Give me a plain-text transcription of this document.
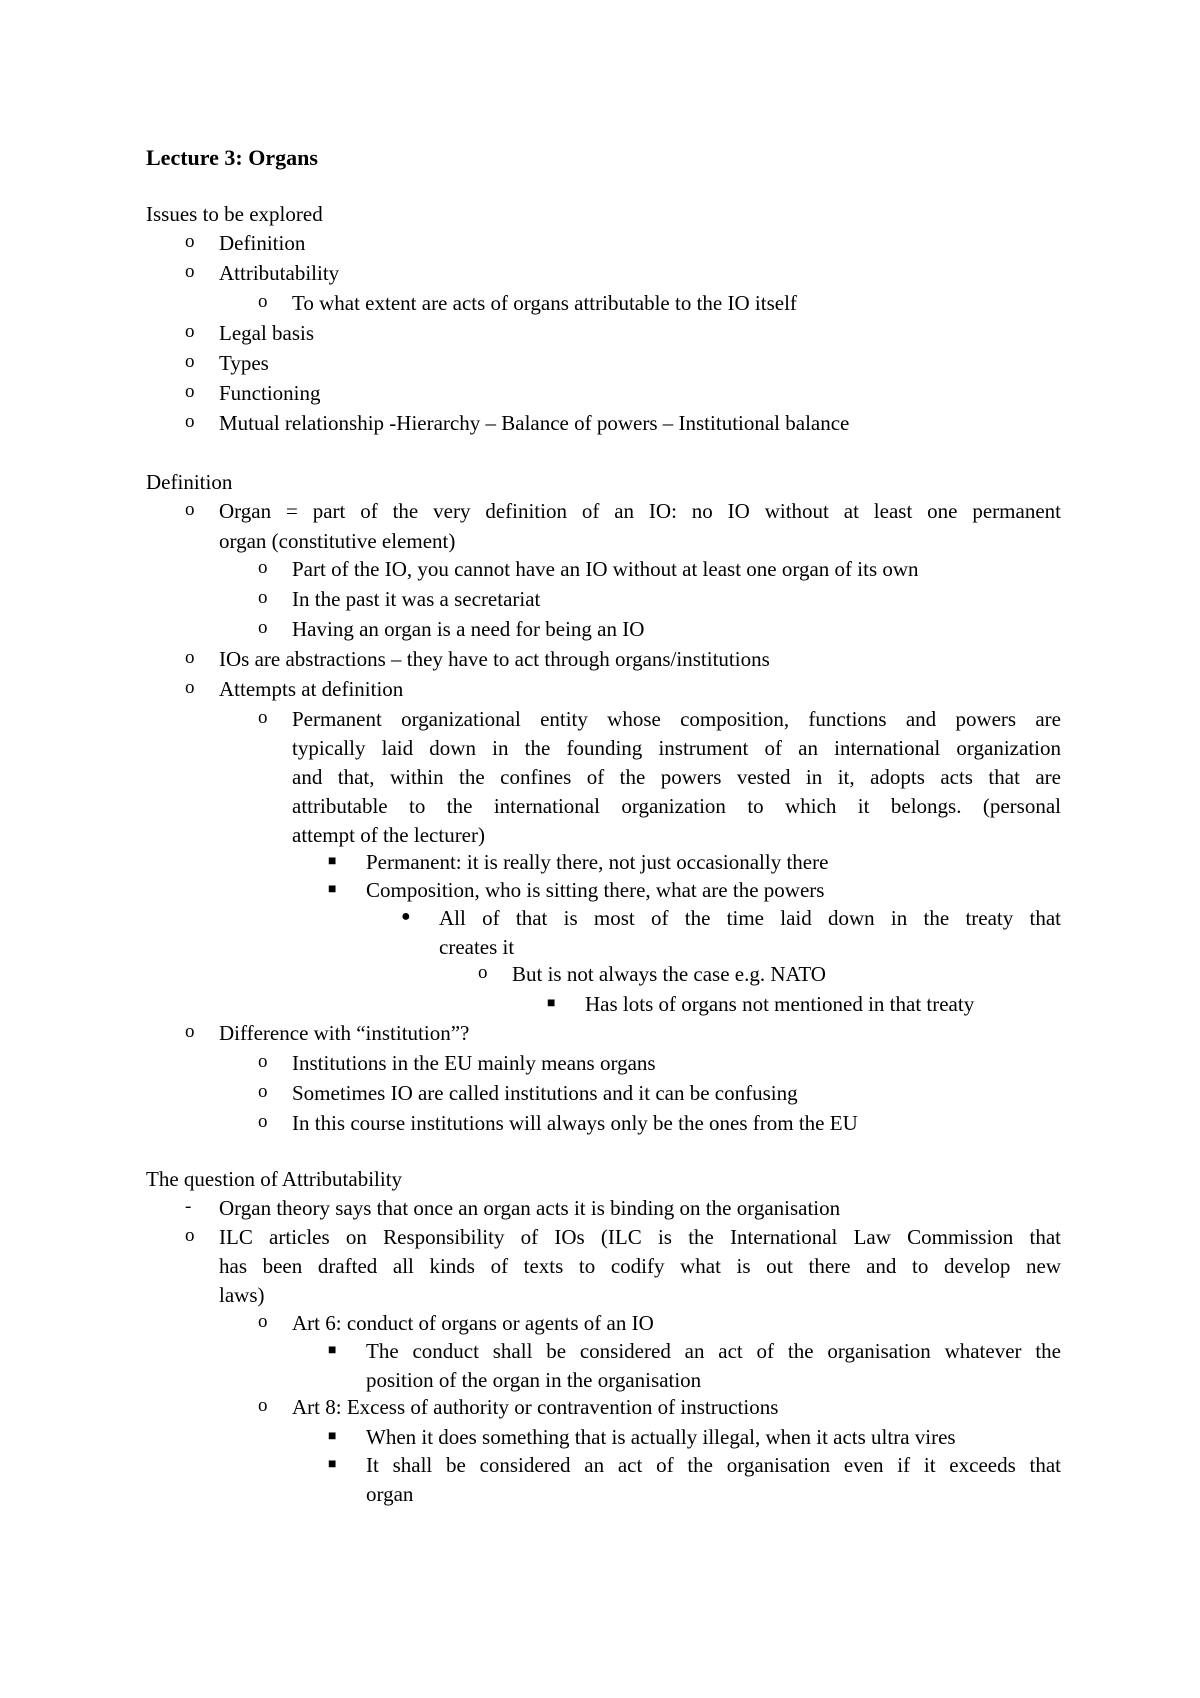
Lecture 3: Organs
Issues to be explored
o Definition
o Attributability
o To what extent are acts of organs attributable to the IO itself
o Legal basis
o Types
o Functioning
o Mutual relationship -Hierarchy – Balance of powers – Institutional balance
Definition
o Organ = part of the very definition of an IO: no IO without at least one permanent
organ (constitutive element)
o Part of the IO, you cannot have an IO without at least one organ of its own
o In the past it was a secretariat
o Having an organ is a need for being an IO
o IOs are abstractions – they have to act through organs/institutions
o Attempts at definition
o Permanent organizational entity whose composition, functions and powers are
typically laid down in the founding instrument of an international organization
and that, within the confines of the powers vested in it, adopts acts that are
attributable to the international organization to which it belongs. (personal
attempt of the lecturer)
■ Permanent: it is really there, not just occasionally there
■ Composition, who is sitting there, what are the powers
● All of that is most of the time laid down in the treaty that
creates it
o But is not always the case e.g. NATO
■ Has lots of organs not mentioned in that treaty
o Difference with “institution”?
o Institutions in the EU mainly means organs
o Sometimes IO are called institutions and it can be confusing
o In this course institutions will always only be the ones from the EU
The question of Attributability
- Organ theory says that once an organ acts it is binding on the organisation
o ILC articles on Responsibility of IOs (ILC is the International Law Commission that
has been drafted all kinds of texts to codify what is out there and to develop new
laws)
o Art 6: conduct of organs or agents of an IO
■ The conduct shall be considered an act of the organisation whatever the
position of the organ in the organisation
o Art 8: Excess of authority or contravention of instructions
■ When it does something that is actually illegal, when it acts ultra vires
■ It shall be considered an act of the organisation even if it exceeds that
organ
